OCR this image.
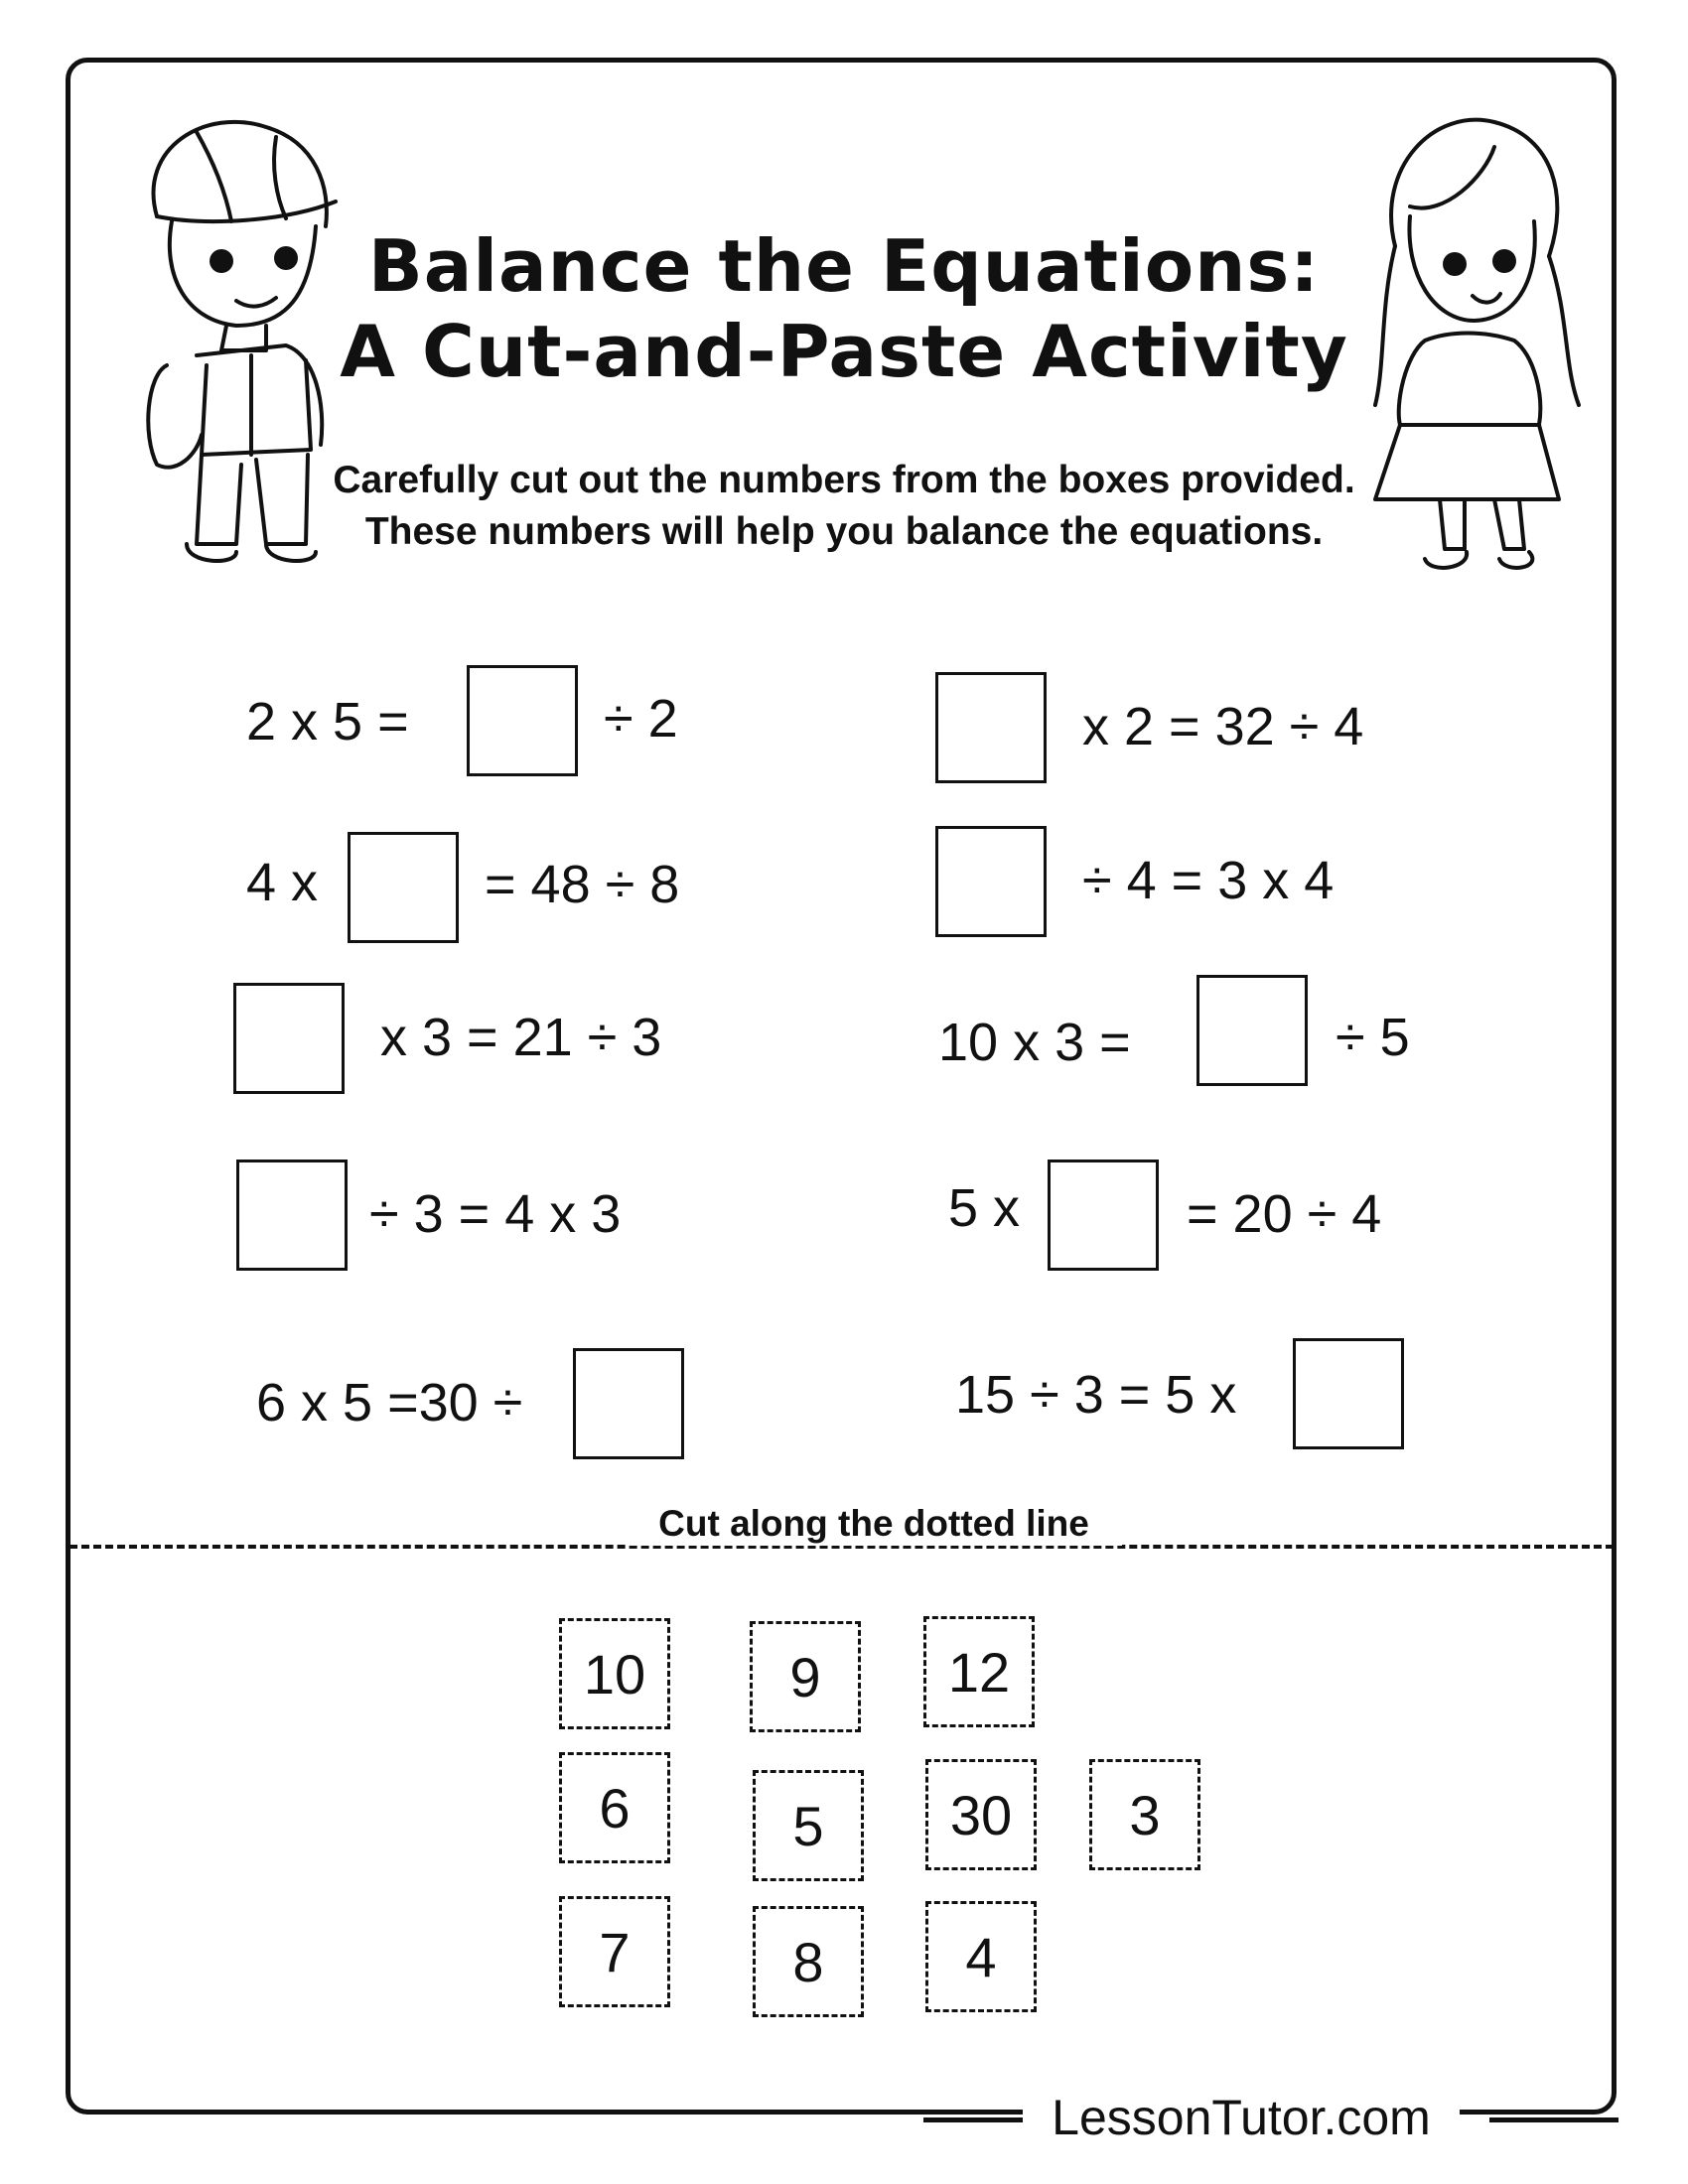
Balance the Equations:
A Cut-and-Paste Activity
Carefully cut out the numbers from the boxes provided.
These numbers will help you balance the equations.
2 x 5 =	÷ 2
4 x	= 48 ÷ 8
x 3 = 21 ÷ 3
÷ 3 = 4 x 3
6 x 5 =30 ÷
x 2 = 32 ÷ 4
÷ 4 = 3 x 4
10 x 3 =	÷ 5
5 x	= 20 ÷ 4
15 ÷ 3 = 5 x
Cut along the dotted line
10	9	12
6	5	30	3
7	8	4
LessonTutor.com
